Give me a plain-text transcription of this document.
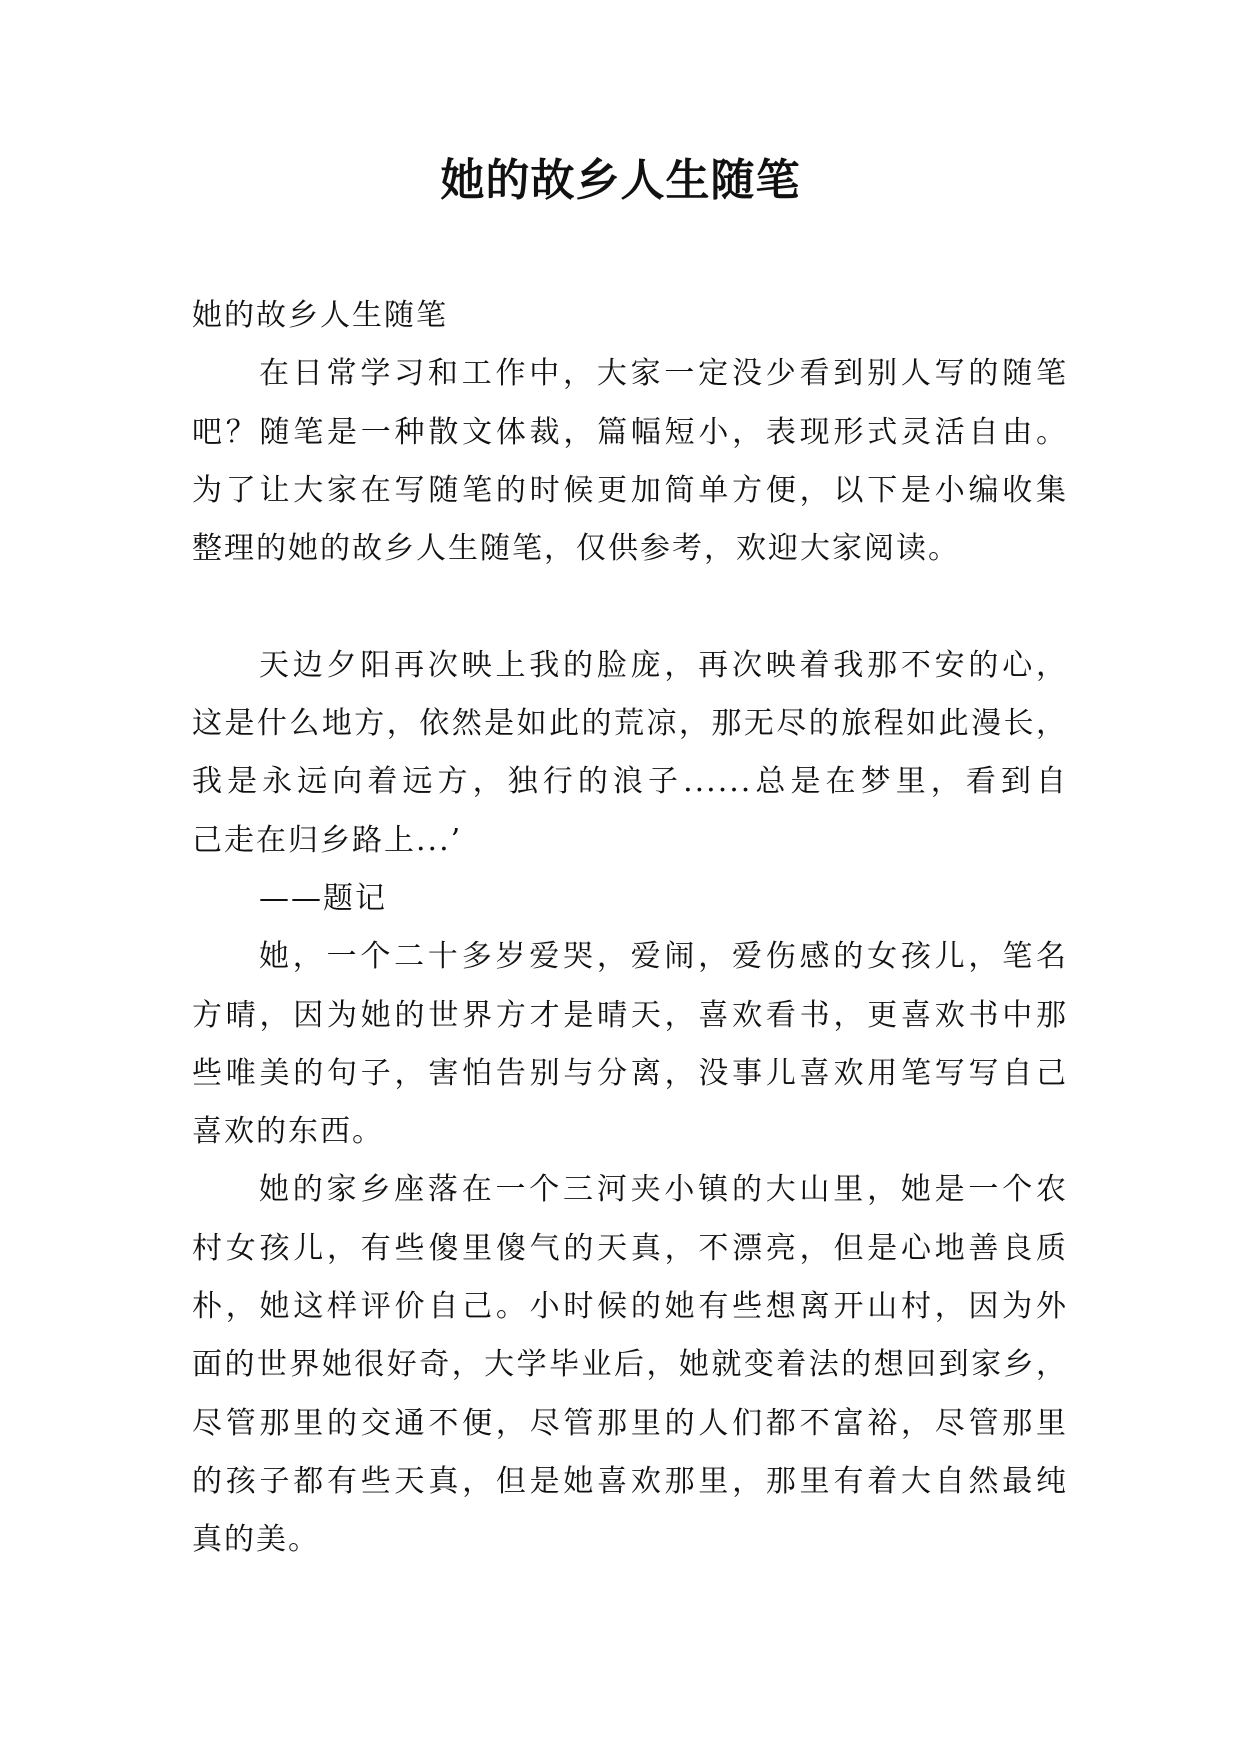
她的故乡人生随笔
她的故乡人生随笔
在日常学习和工作中，大家一定没少看到别人写的随笔
吧？随笔是一种散文体裁，篇幅短小，表现形式灵活自由。
为了让大家在写随笔的时候更加简单方便，以下是小编收集
整理的她的故乡人生随笔，仅供参考，欢迎大家阅读。
天边夕阳再次映上我的脸庞，再次映着我那不安的心，
这是什么地方，依然是如此的荒凉，那无尽的旅程如此漫长，
我是永远向着远方，独行的浪子......总是在梦里，看到自
己走在归乡路上...’
——题记
她，一个二十多岁爱哭，爱闹，爱伤感的女孩儿，笔名
方晴，因为她的世界方才是晴天，喜欢看书，更喜欢书中那
些唯美的句子，害怕告别与分离，没事儿喜欢用笔写写自己
喜欢的东西。
她的家乡座落在一个三河夹小镇的大山里，她是一个农
村女孩儿，有些傻里傻气的天真，不漂亮，但是心地善良质
朴，她这样评价自己。小时候的她有些想离开山村，因为外
面的世界她很好奇，大学毕业后，她就变着法的想回到家乡，
尽管那里的交通不便，尽管那里的人们都不富裕，尽管那里
的孩子都有些天真，但是她喜欢那里，那里有着大自然最纯
真的美。
